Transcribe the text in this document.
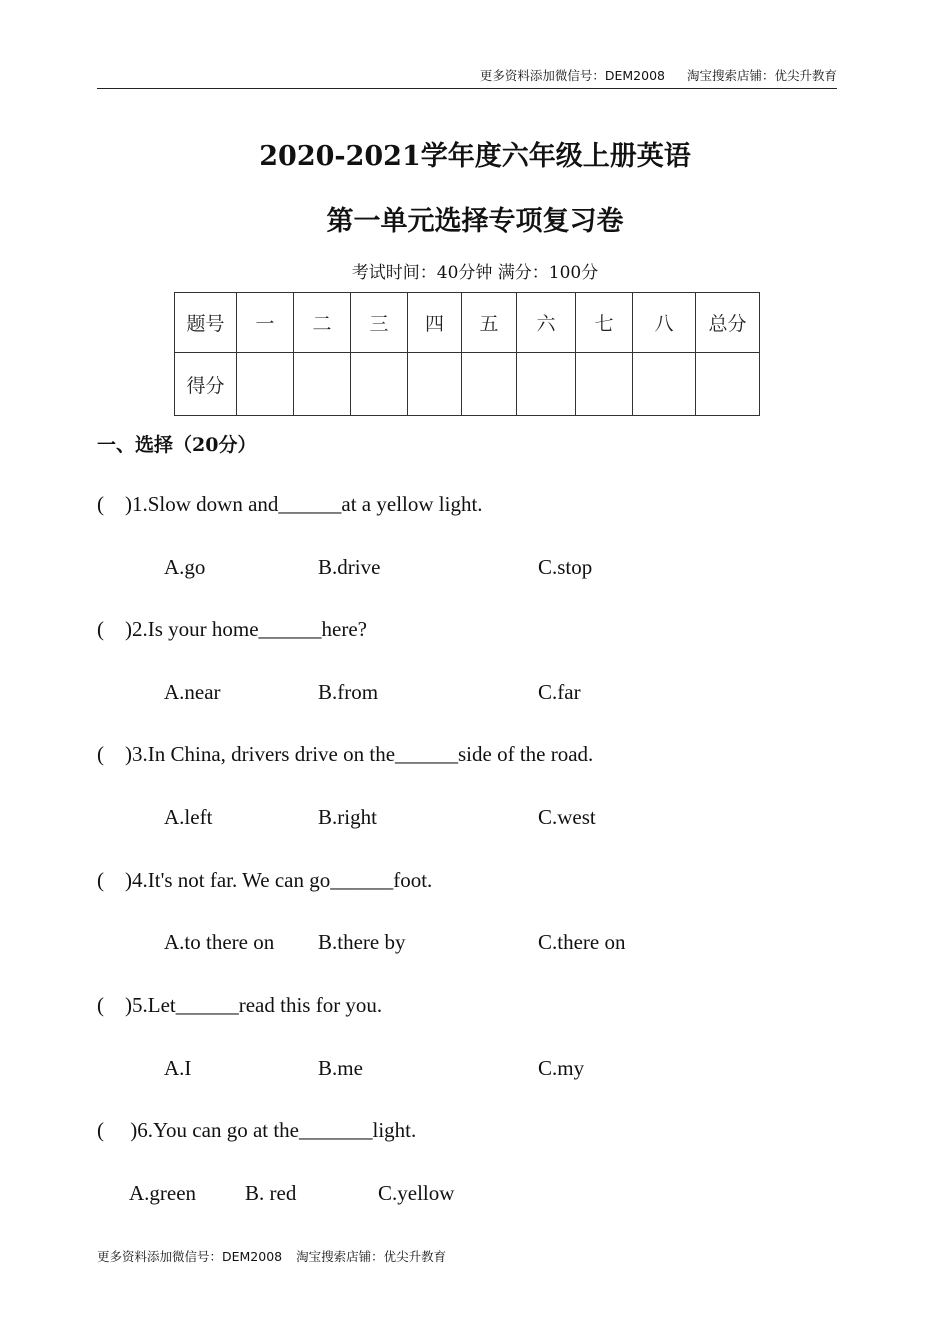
更多资料添加微信号：DEM2008 淘宝搜索店铺：优尖升教育
2020-2021学年度六年级上册英语
第一单元选择专项复习卷
考试时间：40分钟 满分：100分
题号	一	二	三	四	五	六	七	八	总分
得分									
一、选择（20分）
(    )1.Slow down and______at a yellow light.
A.go	B.drive	C.stop
(    )2.Is your home______here?
A.near	B.from	C.far
(    )3.In China, drivers drive on the______side of the road.
A.left	B.right	C.west
(    )4.It's not far. We can go______foot.
A.to there on B.there by	C.there on
(    )5.Let______read this for you.
A.I	B.me	C.my
(     )6.You can go at the_______light.
A.green B. red	C.yellow
更多资料添加微信号：DEM2008 淘宝搜索店铺：优尖升教育
